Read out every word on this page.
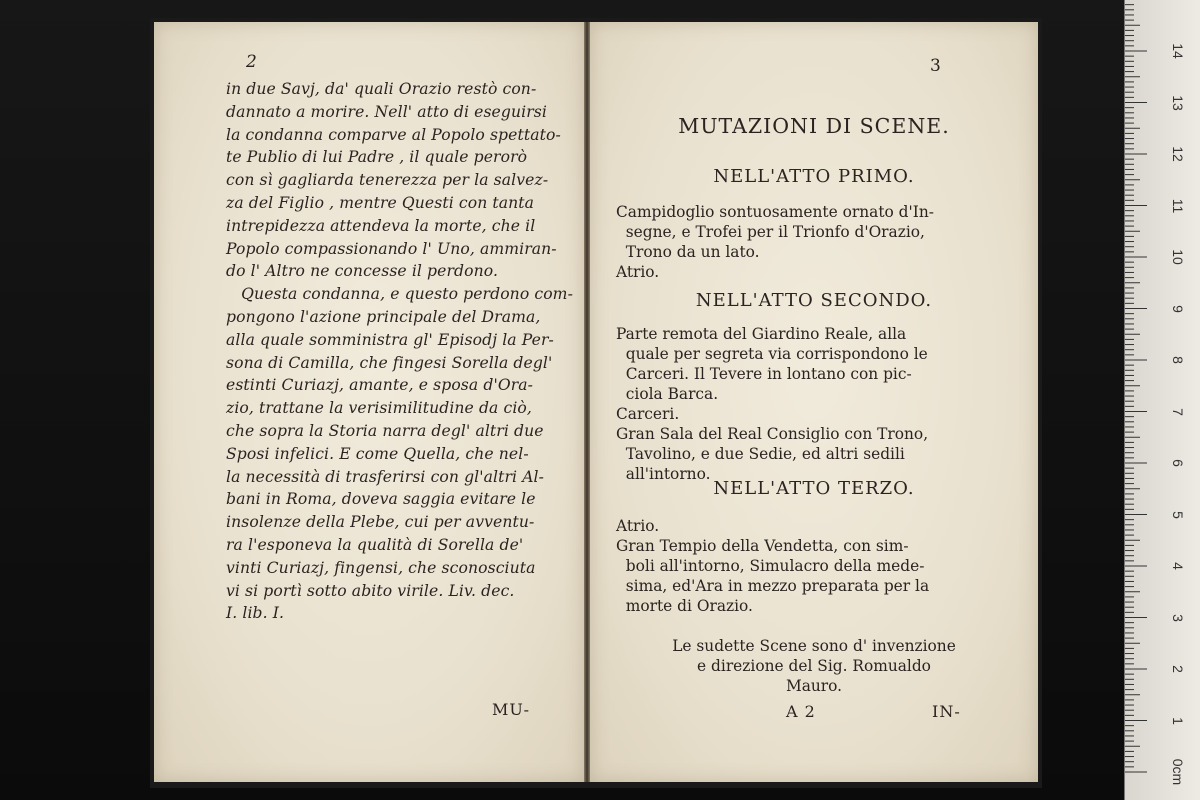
2

in due Savj, da' quali Orazio restò con-

dannato a morire. Nell' atto di eseguirsi

la condanna comparve al Popolo spettato-

te Publio di lui Padre , il quale perorò

con sì gagliarda tenerezza per la salvez-

za del Figlio , mentre Questi con tanta

intrepidezza attendeva la morte, che il

Popolo compassionando l' Uno, ammiran-

do l' Altro ne concesse il perdono.

Questa condanna, e questo perdono com-

pongono l'azione principale del Drama,

alla quale somministra gl' Episodj la Per-

sona di Camilla, che fingesi Sorella degl'

estinti Curiazj, amante, e sposa d'Ora-

zio, trattane la verisimilitudine da ciò,

che sopra la Storia narra degl' altri due

Sposi infelici. E come Quella, che nel-

la necessità di trasferirsi con gl'altri Al-

bani in Roma, doveva saggia evitare le

insolenze della Plebe, cui per avventu-

ra l'esponeva la qualità di Sorella de'

vinti Curiazj, fingensi, che sconosciuta

vi si portì sotto abito virile. Liv. dec.

I. lib. I.

MU-
3
MUTAZIONI DI SCENE.
NELL'ATTO PRIMO.
Campidoglio sontuosamente ornato d'In-
segne, e Trofei per il Trionfo d'Orazio,
Trono da un lato.
Atrio.
NELL'ATTO SECONDO.
Parte remota del Giardino Reale, alla
quale per segreta via corrispondono le
Carceri. Il Tevere in lontano con pic-
ciola Barca.
Carceri.
Gran Sala del Real Consiglio con Trono,
Tavolino, e due Sedie, ed altri sedili
all'intorno.
NELL'ATTO TERZO.
Atrio.
Gran Tempio della Vendetta, con sim-
boli all'intorno, Simulacro della mede-
sima, ed'Ara in mezzo preparata per la
morte di Orazio.
Le sudette Scene sono d' invenzione
e direzione del Sig. Romualdo
Mauro.
A 2	IN-
0cm
1
2
3
4
5
6
7
8
9
10
11
12
13
14
